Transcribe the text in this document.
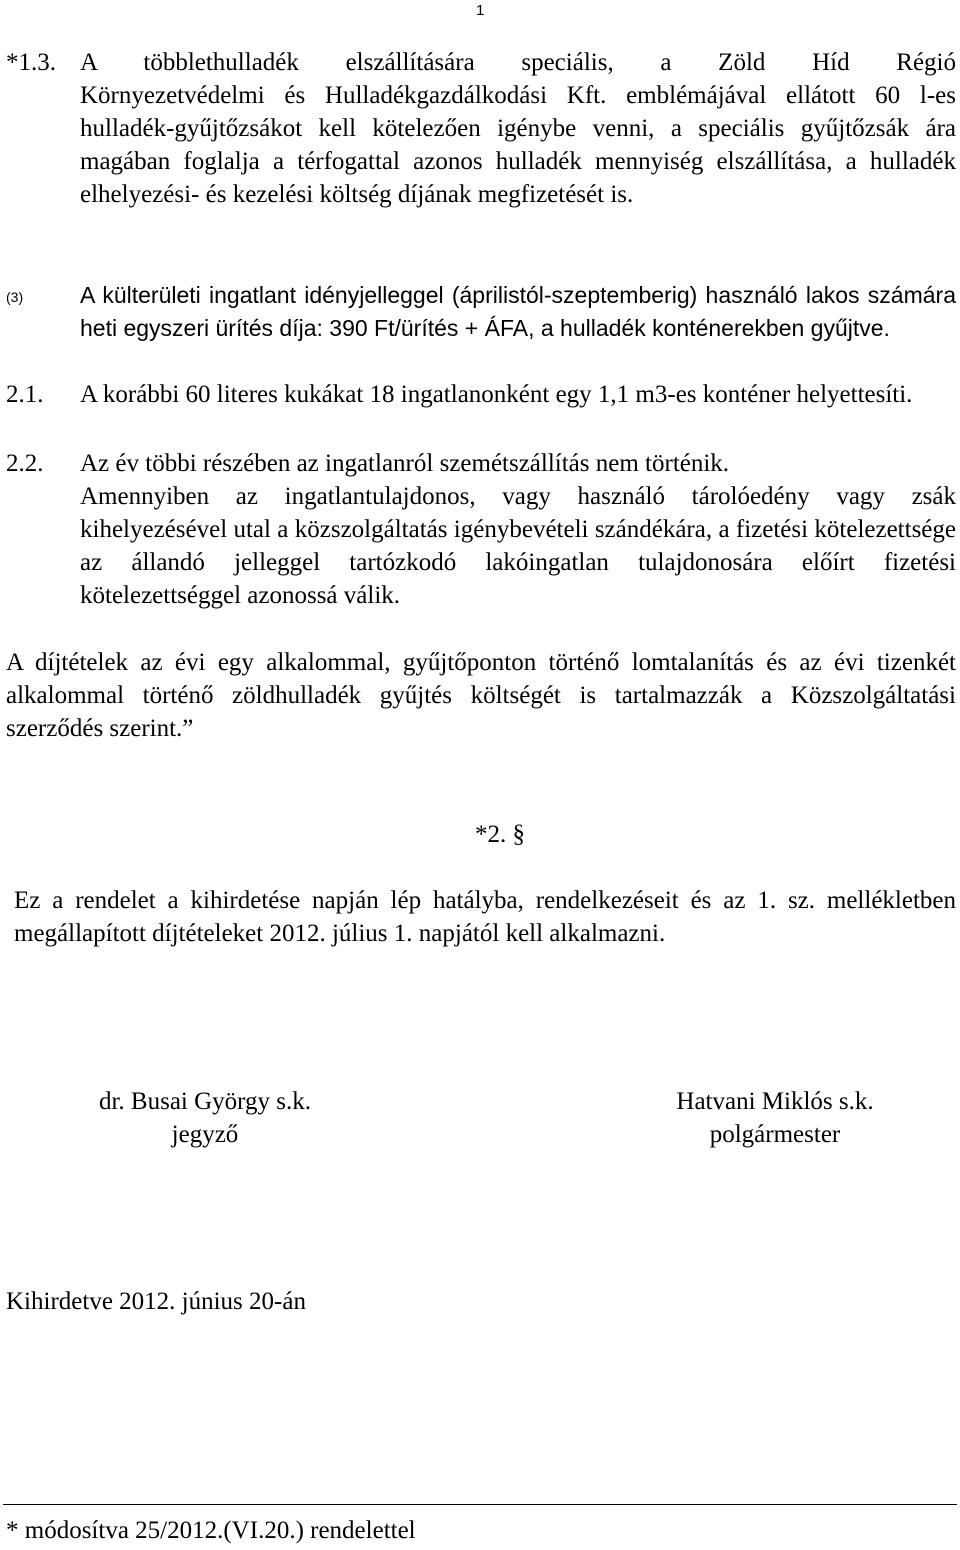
1
*1.3. A többlethulladék elszállítására speciális, a Zöld Híd Régió
Környezetvédelmi és Hulladékgazdálkodási Kft. emblémájával ellátott 60 l-es hulladék-gyűjtőzsákot kell kötelezően igénybe venni, a speciális gyűjtőzsák ára magában foglalja a térfogattal azonos hulladék mennyiség elszállítása, a hulladék elhelyezési- és kezelési költség díjának megfizetését is.
(3) A külterületi ingatlant idényjelleggel (áprilistól-szeptemberig) használó lakos számára heti egyszeri ürítés díja: 390 Ft/ürítés + ÁFA, a hulladék konténerekben gyűjtve.
2.1. A korábbi 60 literes kukákat 18 ingatlanonként egy 1,1 m3-es konténer helyettesíti.
2.2. Az év többi részében az ingatlanról szemétszállítás nem történik.
Amennyiben az ingatlantulajdonos, vagy használó tárolóedény vagy zsák kihelyezésével utal a közszolgáltatás igénybevételi szándékára, a fizetési kötelezettsége az állandó jelleggel tartózkodó lakóingatlan tulajdonosára előírt fizetési kötelezettséggel azonossá válik.
A díjtételek az évi egy alkalommal, gyűjtőponton történő lomtalanítás és az évi tizenkét alkalommal történő zöldhulladék gyűjtés költségét is tartalmazzák a Közszolgáltatási szerződés szerint.”
*2. §
Ez a rendelet a kihirdetése napján lép hatályba, rendelkezéseit és az 1. sz. mellékletben megállapított díjtételeket 2012. július 1. napjától kell alkalmazni.
dr. Busai György s.k.
jegyző
Hatvani Miklós s.k.
polgármester
Kihirdetve 2012. június 20-án
* módosítva 25/2012.(VI.20.) rendelettel
